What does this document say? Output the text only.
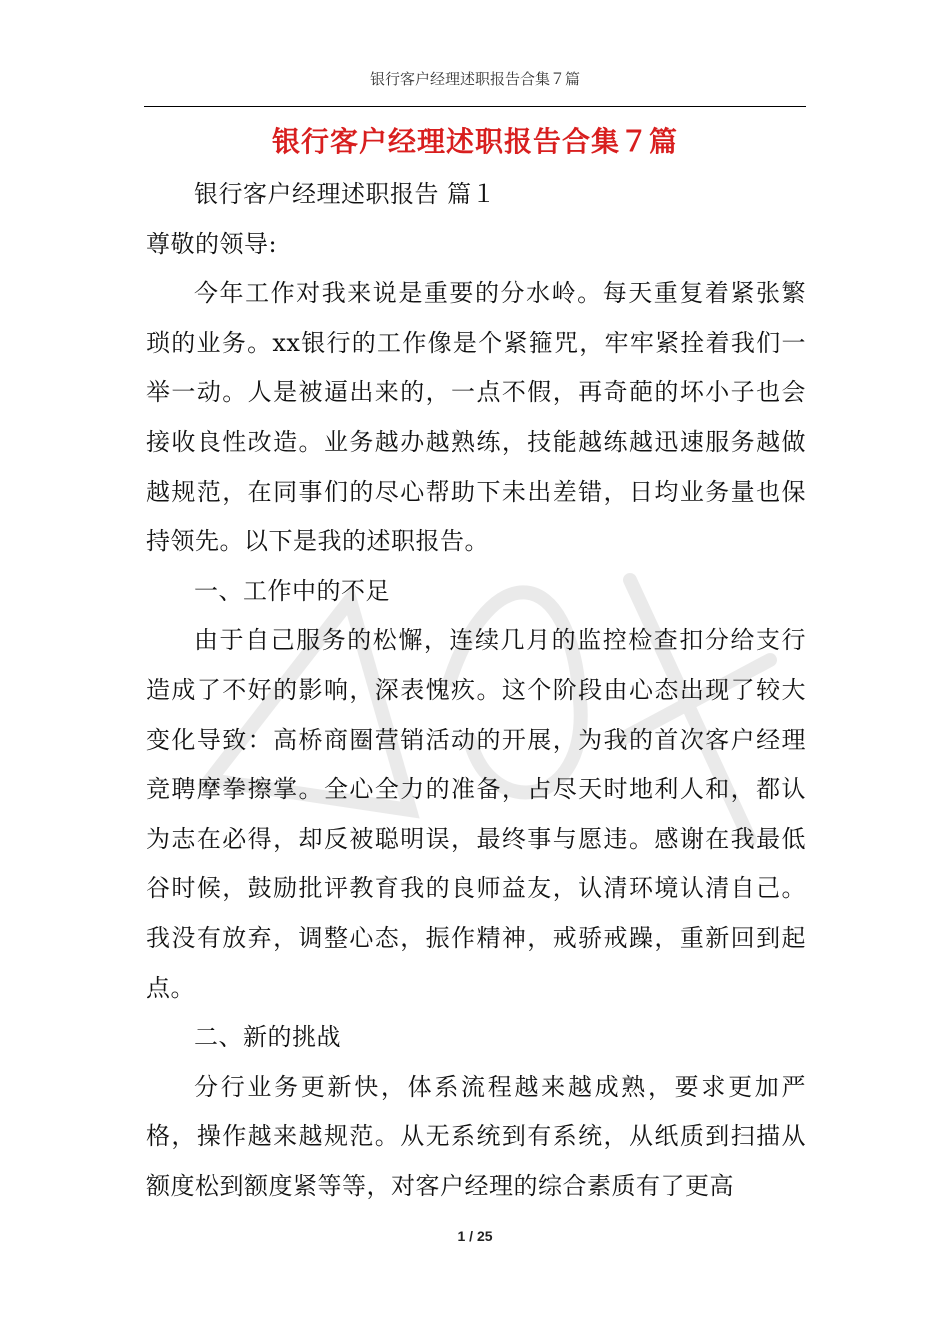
银行客户经理述职报告合集７篇
银行客户经理述职报告合集７篇

银行客户经理述职报告 篇１

尊敬的领导:

今年工作对我来说是重要的分水岭。每天重复着紧张繁琐的业务。xx银行的工作像是个紧箍咒，牢牢紧拴着我们一举一动。人是被逼出来的，一点不假，再奇葩的坏小子也会接收良性改造。业务越办越熟练，技能越练越迅速服务越做越规范，在同事们的尽心帮助下未出差错，日均业务量也保持领先。以下是我的述职报告。

一、工作中的不足

由于自己服务的松懈，连续几月的监控检查扣分给支行造成了不好的影响，深表愧疚。这个阶段由心态出现了较大变化导致：高桥商圈营销活动的开展，为我的首次客户经理竞聘摩拳擦掌。全心全力的准备，占尽天时地利人和，都认为志在必得，却反被聪明误，最终事与愿违。感谢在我最低谷时候，鼓励批评教育我的良师益友，认清环境认清自己。我没有放弃，调整心态，振作精神，戒骄戒躁，重新回到起点。

二、新的挑战

分行业务更新快，体系流程越来越成熟，要求更加严格，操作越来越规范。从无系统到有系统，从纸质到扫描从额度松到额度紧等等，对客户经理的综合素质有了更高

1 / 25
